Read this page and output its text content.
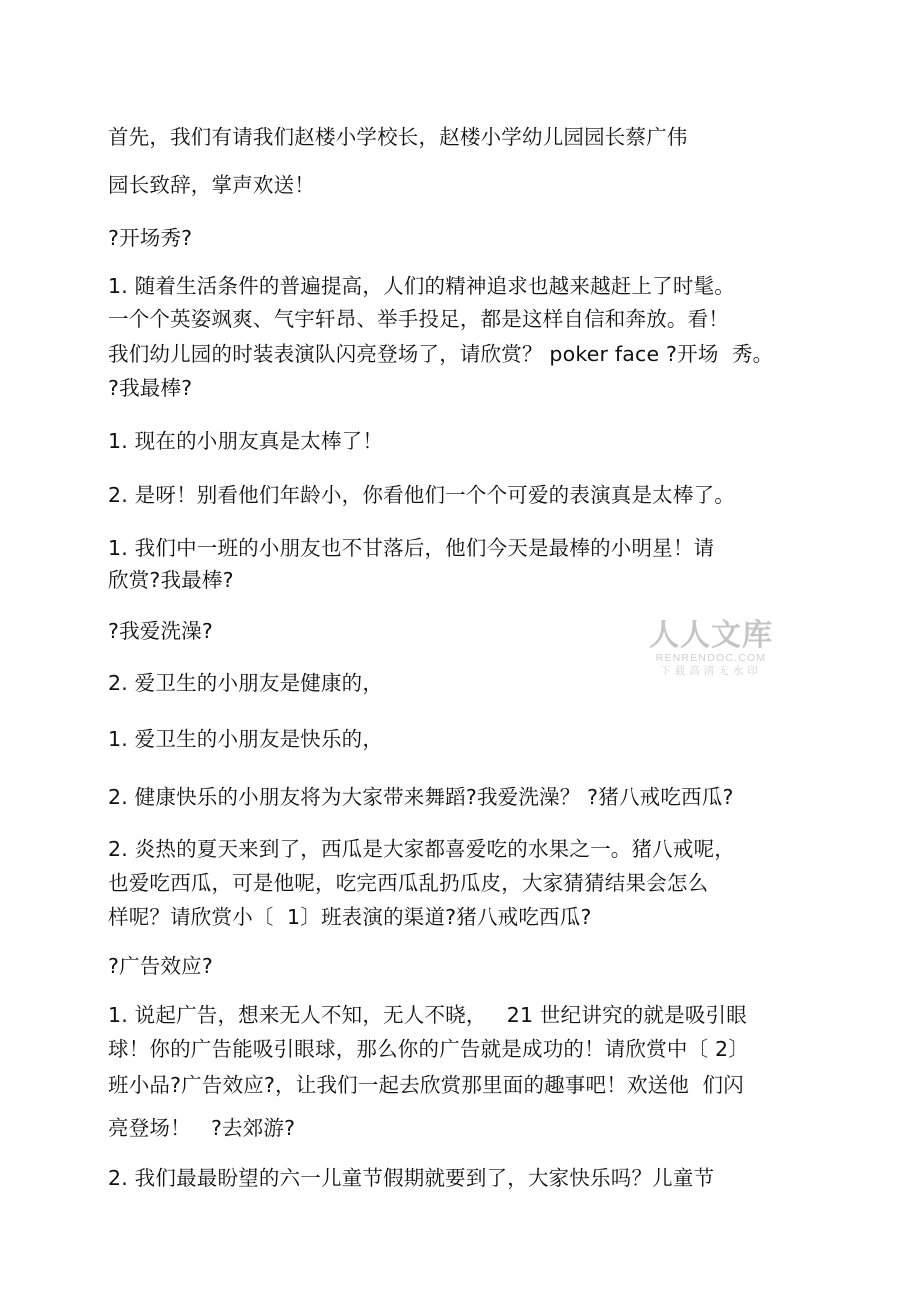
首先，我们有请我们赵楼小学校长，赵楼小学幼儿园园长蔡广伟
园长致辞，掌声欢送！
?开场秀?
1. 随着生活条件的普遍提高，人们的精神追求也越来越赶上了时髦。
一个个英姿飒爽、气宇轩昂、举手投足，都是这样自信和奔放。看！
我们幼儿园的时装表演队闪亮登场了，请欣赏？ poker face ?开场  秀。
?我最棒?
1. 现在的小朋友真是太棒了！
2. 是呀！别看他们年龄小，你看他们一个个可爱的表演真是太棒了。
1. 我们中一班的小朋友也不甘落后，他们今天是最棒的小明星！请
欣赏?我最棒?
?我爱洗澡?
2. 爱卫生的小朋友是健康的，
1. 爱卫生的小朋友是快乐的，
2. 健康快乐的小朋友将为大家带来舞蹈?我爱洗澡？ ?猪八戒吃西瓜?
2. 炎热的夏天来到了，西瓜是大家都喜爱吃的水果之一。猪八戒呢，
也爱吃西瓜，可是他呢，吃完西瓜乱扔瓜皮，大家猜猜结果会怎么
样呢？请欣赏小〔  1〕班表演的渠道?猪八戒吃西瓜?
?广告效应?
1. 说起广告，想来无人不知，无人不晓，   21 世纪讲究的就是吸引眼
球！你的广告能吸引眼球，那么你的广告就是成功的！请欣赏中〔 2〕
班小品?广告效应?，让我们一起去欣赏那里面的趣事吧！欢送他  们闪
亮登场！   ?去郊游?
2. 我们最最盼望的六一儿童节假期就要到了，大家快乐吗？儿童节
人人文库
RENRENDOC.COM
下载高清无水印
